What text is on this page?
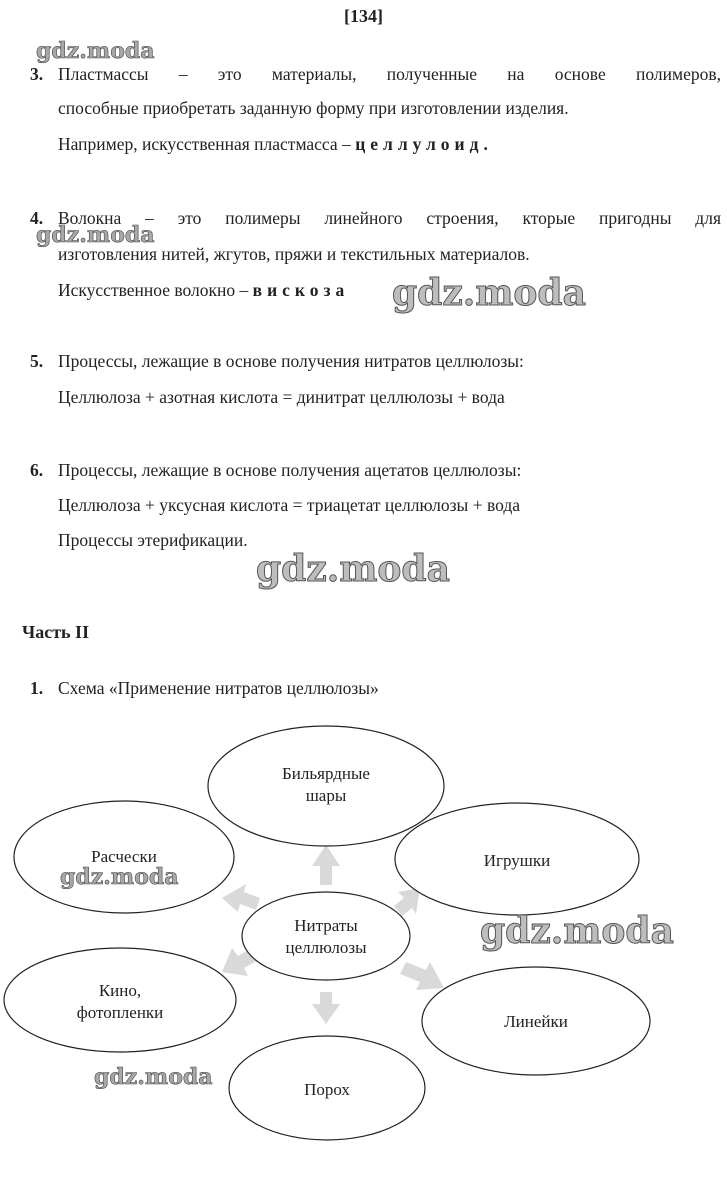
[134]
3. Пластмассы – это материалы, полученные на основе полимеров,
способные приобретать заданную форму при изготовлении изделия.
Например, искусственная пластмасса – целлулоид.
4. Волокна – это полимеры линейного строения, кторые пригодны для
изготовления нитей, жгутов, пряжи и текстильных материалов.
Искусственное волокно – вискоза
5. Процессы, лежащие в основе получения нитратов целлюлозы:
Целлюлоза + азотная кислота = динитрат целлюлозы + вода
6. Процессы, лежащие в основе получения ацетатов целлюлозы:
Целлюлоза + уксусная кислота = триацетат целлюлозы + вода
Процессы этерификации.
Часть II
1. Схема «Применение нитратов целлюлозы»
Бильярдные
шары
Игрушки
Расчески
Нитраты
целлюлозы
Кино,
фотопленки	Линейки
Порох
gdz.moda
gdz.moda
gdz.moda
gdz.moda
gdz.moda
gdz.moda
gdz.moda
